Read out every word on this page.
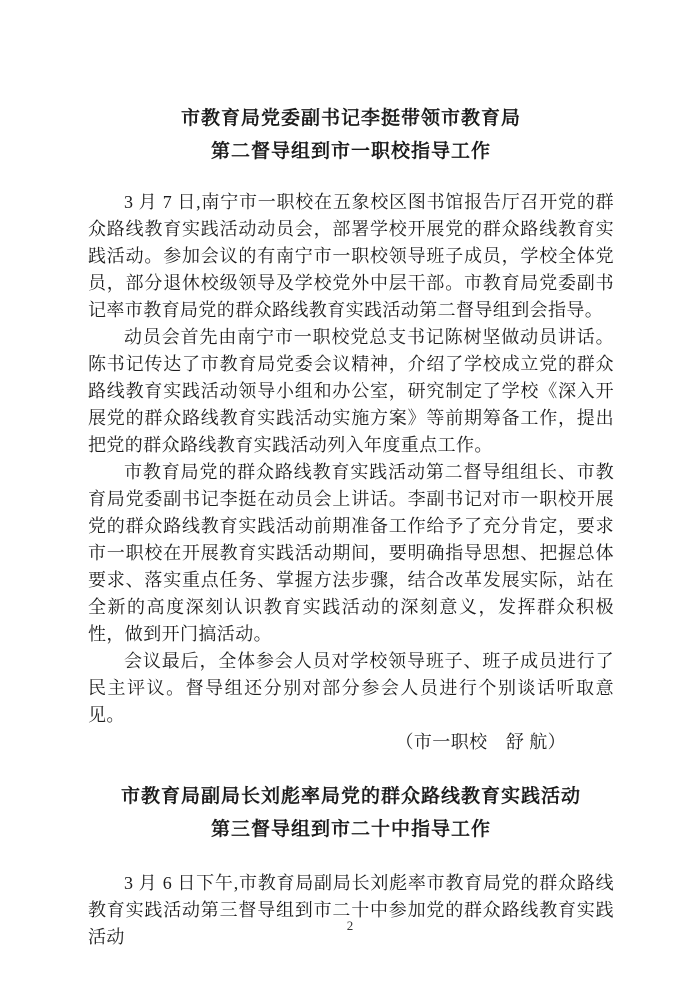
市教育局党委副书记李挺带领市教育局
第二督导组到市一职校指导工作

3 月 7 日,南宁市一职校在五象校区图书馆报告厅召开党的群众路线教育实践活动动员会，部署学校开展党的群众路线教育实践活动。参加会议的有南宁市一职校领导班子成员，学校全体党员，部分退休校级领导及学校党外中层干部。市教育局党委副书记率市教育局党的群众路线教育实践活动第二督导组到会指导。

动员会首先由南宁市一职校党总支书记陈树坚做动员讲话。陈书记传达了市教育局党委会议精神，介绍了学校成立党的群众路线教育实践活动领导小组和办公室，研究制定了学校《深入开展党的群众路线教育实践活动实施方案》等前期筹备工作，提出把党的群众路线教育实践活动列入年度重点工作。

市教育局党的群众路线教育实践活动第二督导组组长、市教育局党委副书记李挺在动员会上讲话。李副书记对市一职校开展党的群众路线教育实践活动前期准备工作给予了充分肯定，要求市一职校在开展教育实践活动期间，要明确指导思想、把握总体要求、落实重点任务、掌握方法步骤，结合改革发展实际，站在全新的高度深刻认识教育实践活动的深刻意义，发挥群众积极性，做到开门搞活动。

会议最后，全体参会人员对学校领导班子、班子成员进行了民主评议。督导组还分别对部分参会人员进行个别谈话听取意见。

（市一职校　舒 航）

市教育局副局长刘彪率局党的群众路线教育实践活动
第三督导组到市二十中指导工作

3 月 6 日下午,市教育局副局长刘彪率市教育局党的群众路线教育实践活动第三督导组到市二十中参加党的群众路线教育实践活动

2
